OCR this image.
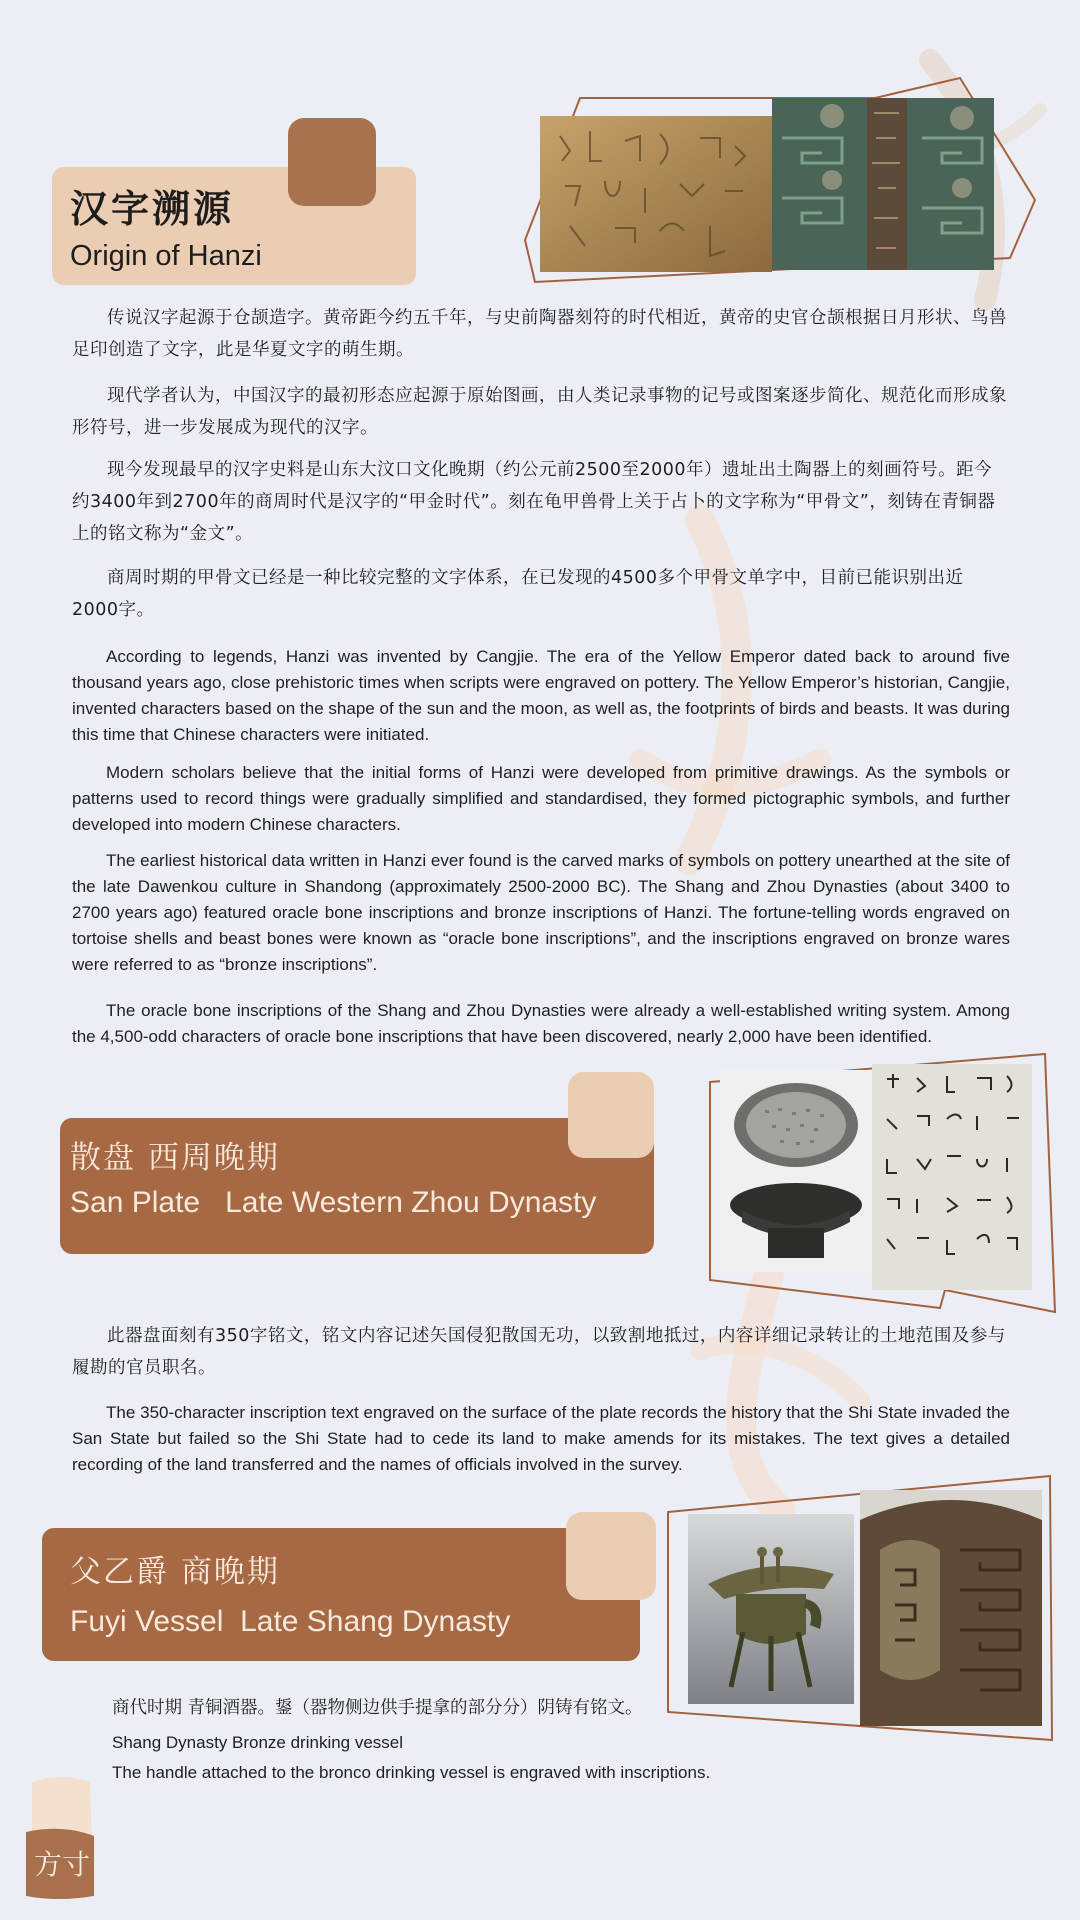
汉字溯源
Origin of Hanzi

传说汉字起源于仓颉造字。黄帝距今约五千年，与史前陶器刻符的时代相近，黄帝的史官仓颉根据日月形状、鸟兽足印创造了文字，此是华夏文字的萌生期。

现代学者认为，中国汉字的最初形态应起源于原始图画，由人类记录事物的记号或图案逐步简化、规范化而形成象形符号，进一步发展成为现代的汉字。

现今发现最早的汉字史料是山东大汶口文化晚期（约公元前2500至2000年）遗址出土陶器上的刻画符号。距今约3400年到2700年的商周时代是汉字的“甲金时代”。刻在龟甲兽骨上关于占卜的文字称为“甲骨文”，刻铸在青铜器上的铭文称为“金文”。

商周时期的甲骨文已经是一种比较完整的文字体系，在已发现的4500多个甲骨文单字中，目前已能识别出近2000字。

According to legends, Hanzi was invented by Cangjie. The era of the Yellow Emperor dated back to around five thousand years ago, close prehistoric times when scripts were engraved on pottery. The Yellow Emperor’s historian, Cangjie, invented characters based on the shape of the sun and the moon, as well as, the footprints of birds and beasts. It was during this time that Chinese characters were initiated.

Modern scholars believe that the initial forms of Hanzi were developed from primitive drawings. As the symbols or patterns used to record things were gradually simplified and standardised, they formed pictographic symbols, and further developed into modern Chinese characters.

The earliest historical data written in Hanzi ever found is the carved marks of symbols on pottery unearthed at the site of the late Dawenkou culture in Shandong (approximately 2500-2000 BC). The Shang and Zhou Dynasties (about 3400 to 2700 years ago) featured oracle bone inscriptions and bronze inscriptions of Hanzi. The fortune-telling words engraved on tortoise shells and beast bones were known as “oracle bone inscriptions”, and the inscriptions engraved on bronze wares were referred to as “bronze inscriptions”.

The oracle bone inscriptions of the Shang and Zhou Dynasties were already a well-established writing system. Among the 4,500-odd characters of oracle bone inscriptions that have been discovered, nearly 2,000 have been identified.

散盘 西周晚期
San Plate   Late Western Zhou Dynasty

此器盘面刻有350字铭文，铭文内容记述矢国侵犯散国无功，以致割地抵过，内容详细记录转让的土地范围及参与履勘的官员职名。

The 350-character inscription text engraved on the surface of the plate records the history that the Shi State invaded the San State but failed so the Shi State had to cede its land to make amends for its mistakes. The text gives a detailed recording of the land transferred and the names of officials involved in the survey.

父乙爵 商晚期
Fuyi Vessel  Late Shang Dynasty

商代时期 青铜酒器。鋬（器物侧边供手提拿的部分分）阴铸有铭文。

Shang Dynasty Bronze drinking vessel

The handle attached to the bronco drinking vessel is engraved with inscriptions.

方寸
